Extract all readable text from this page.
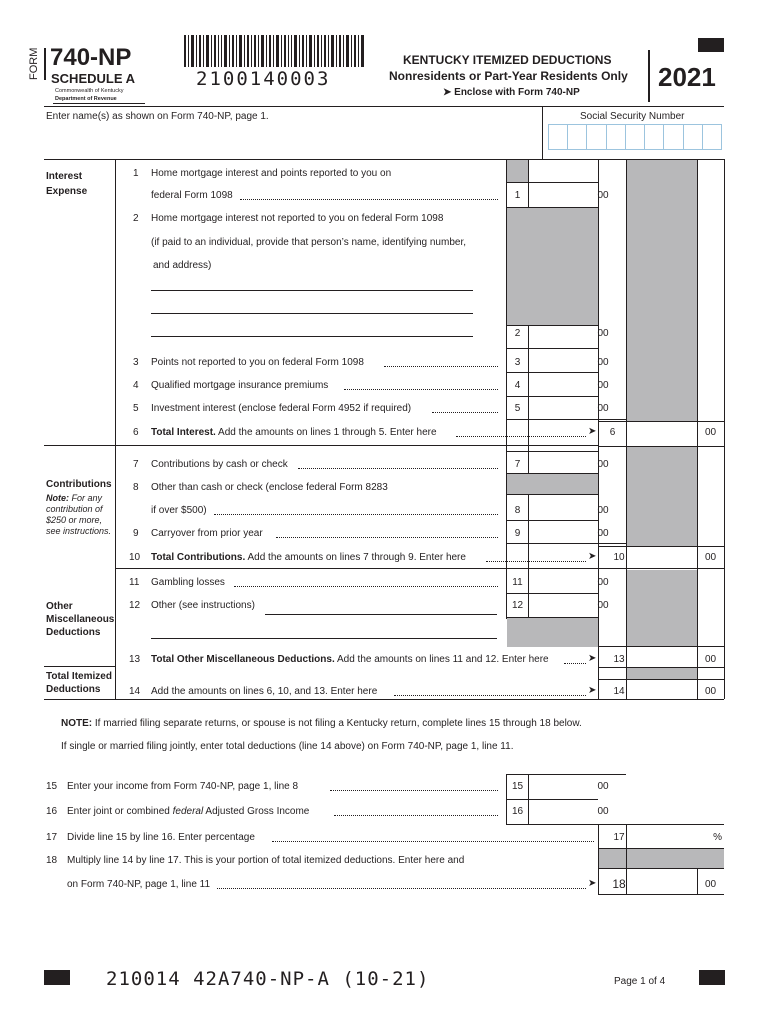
FORM 740-NP
SCHEDULE A
Commonwealth of Kentucky
Department of Revenue
2100140003
KENTUCKY ITEMIZED DEDUCTIONS
Nonresidents or Part-Year Residents Only
➤ Enclose with Form 740-NP
2021
Enter name(s) as shown on Form 740-NP, page 1.	Social Security Number
Interest
Expense
Contributions
Note: For any contribution of $250 or more, see instructions.
Other
Miscellaneous
Deductions
Total Itemized
Deductions
1 Home mortgage interest and points reported to you on
federal Form 1098	1	00
2 Home mortgage interest not reported to you on federal Form 1098
(if paid to an individual, provide that person’s name, identifying number,
and address)
2	00
3 Points not reported to you on federal Form 1098	3	00
4 Qualified mortgage insurance premiums	4	00
5 Investment interest (enclose federal Form 4952 if required)	5	00
6 Total Interest. Add the amounts on lines 1 through 5. Enter here	➤	6	00
7 Contributions by cash or check	7	00
8 Other than cash or check (enclose federal Form 8283
if over $500)	8	00
9 Carryover from prior year	9	00
10 Total Contributions. Add the amounts on lines 7 through 9. Enter here	➤	10	00
11 Gambling losses	11	00
12 Other (see instructions)	12	00
13 Total Other Miscellaneous Deductions. Add the amounts on lines 11 and 12. Enter here	➤	13	00
14 Add the amounts on lines 6, 10, and 13. Enter here	➤	14	00
NOTE: If married filing separate returns, or spouse is not filing a Kentucky return, complete lines 15 through 18 below.
If single or married filing jointly, enter total deductions (line 14 above) on Form 740-NP, page 1, line 11.
15 Enter your income from Form 740-NP, page 1, line 8	15	00
16 Enter joint or combined federal Adjusted Gross Income	16	00
17 Divide line 15 by line 16. Enter percentage	17	%
18 Multiply line 14 by line 17. This is your portion of total itemized deductions. Enter here and
on Form 740-NP, page 1, line 11	➤	18	00
210014 42A740-NP-A (10-21)	Page 1 of 4
